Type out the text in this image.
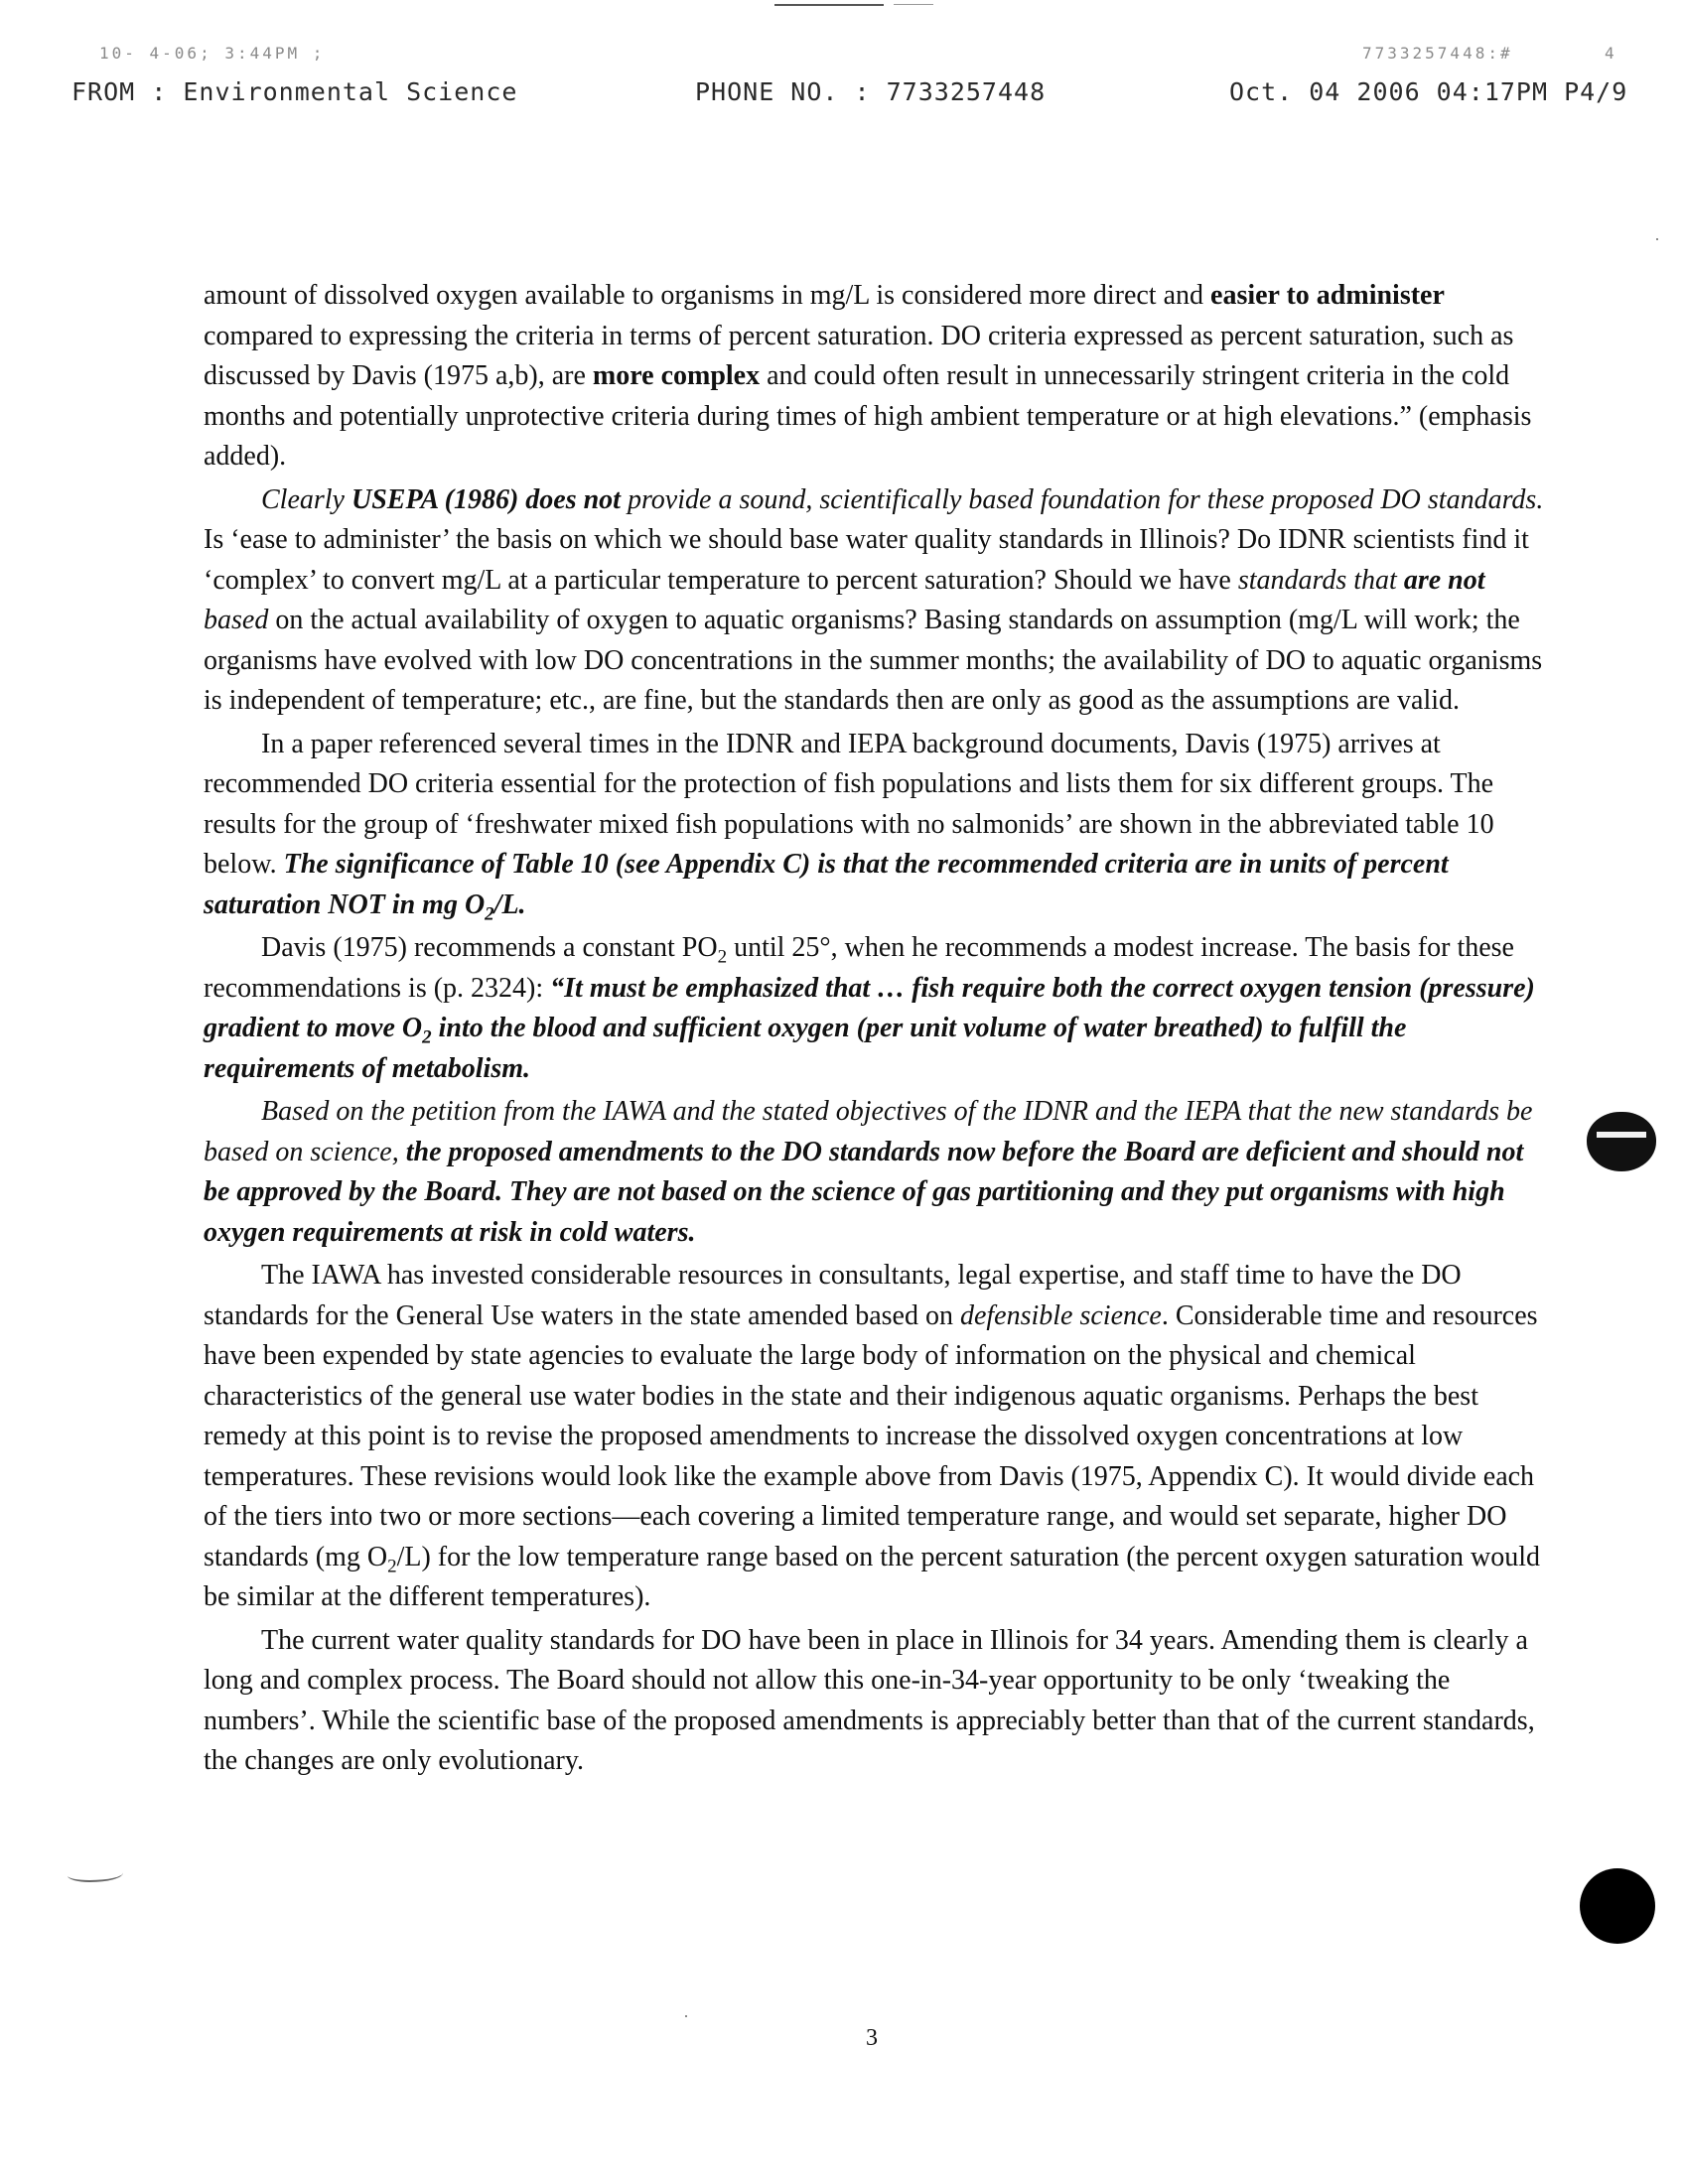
10- 4-06; 3:44PM ;	7733257448:#	4
FROM : Environmental Science	PHONE NO. : 7733257448	Oct. 04 2006 04:17PM P4/9

amount of dissolved oxygen available to organisms in mg/L is considered more direct and easier to administer compared to expressing the criteria in terms of percent saturation. DO criteria expressed as percent saturation, such as discussed by Davis (1975 a,b), are more complex and could often result in unnecessarily stringent criteria in the cold months and potentially unprotective criteria during times of high ambient temperature or at high elevations.” (emphasis added).

Clearly USEPA (1986) does not provide a sound, scientifically based foundation for these proposed DO standards. Is ‘ease to administer’ the basis on which we should base water quality standards in Illinois? Do IDNR scientists find it ‘complex’ to convert mg/L at a particular temperature to percent saturation? Should we have standards that are not based on the actual availability of oxygen to aquatic organisms? Basing standards on assumption (mg/L will work; the organisms have evolved with low DO concentrations in the summer months; the availability of DO to aquatic organisms is independent of temperature; etc., are fine, but the standards then are only as good as the assumptions are valid.

In a paper referenced several times in the IDNR and IEPA background documents, Davis (1975) arrives at recommended DO criteria essential for the protection of fish populations and lists them for six different groups. The results for the group of ‘freshwater mixed fish populations with no salmonids’ are shown in the abbreviated table 10 below. The significance of Table 10 (see Appendix C) is that the recommended criteria are in units of percent saturation NOT in mg $O_2/L$.

Davis (1975) recommends a constant $PO_2$ until 25°, when he recommends a modest increase. The basis for these recommendations is (p. 2324): “It must be emphasized that … fish require both the correct oxygen tension (pressure) gradient to move $O_2$ into the blood and sufficient oxygen (per unit volume of water breathed) to fulfill the requirements of metabolism.

Based on the petition from the IAWA and the stated objectives of the IDNR and the IEPA that the new standards be based on science, the proposed amendments to the DO standards now before the Board are deficient and should not be approved by the Board. They are not based on the science of gas partitioning and they put organisms with high oxygen requirements at risk in cold waters.

The IAWA has invested considerable resources in consultants, legal expertise, and staff time to have the DO standards for the General Use waters in the state amended based on defensible science. Considerable time and resources have been expended by state agencies to evaluate the large body of information on the physical and chemical characteristics of the general use water bodies in the state and their indigenous aquatic organisms. Perhaps the best remedy at this point is to revise the proposed amendments to increase the dissolved oxygen concentrations at low temperatures. These revisions would look like the example above from Davis (1975, Appendix C). It would divide each of the tiers into two or more sections—each covering a limited temperature range, and would set separate, higher DO standards (mg $O_2/L$) for the low temperature range based on the percent saturation (the percent oxygen saturation would be similar at the different temperatures).

The current water quality standards for DO have been in place in Illinois for 34 years. Amending them is clearly a long and complex process. The Board should not allow this one-in-34-year opportunity to be only ‘tweaking the numbers’. While the scientific base of the proposed amendments is appreciably better than that of the current standards, the changes are only evolutionary.

3
